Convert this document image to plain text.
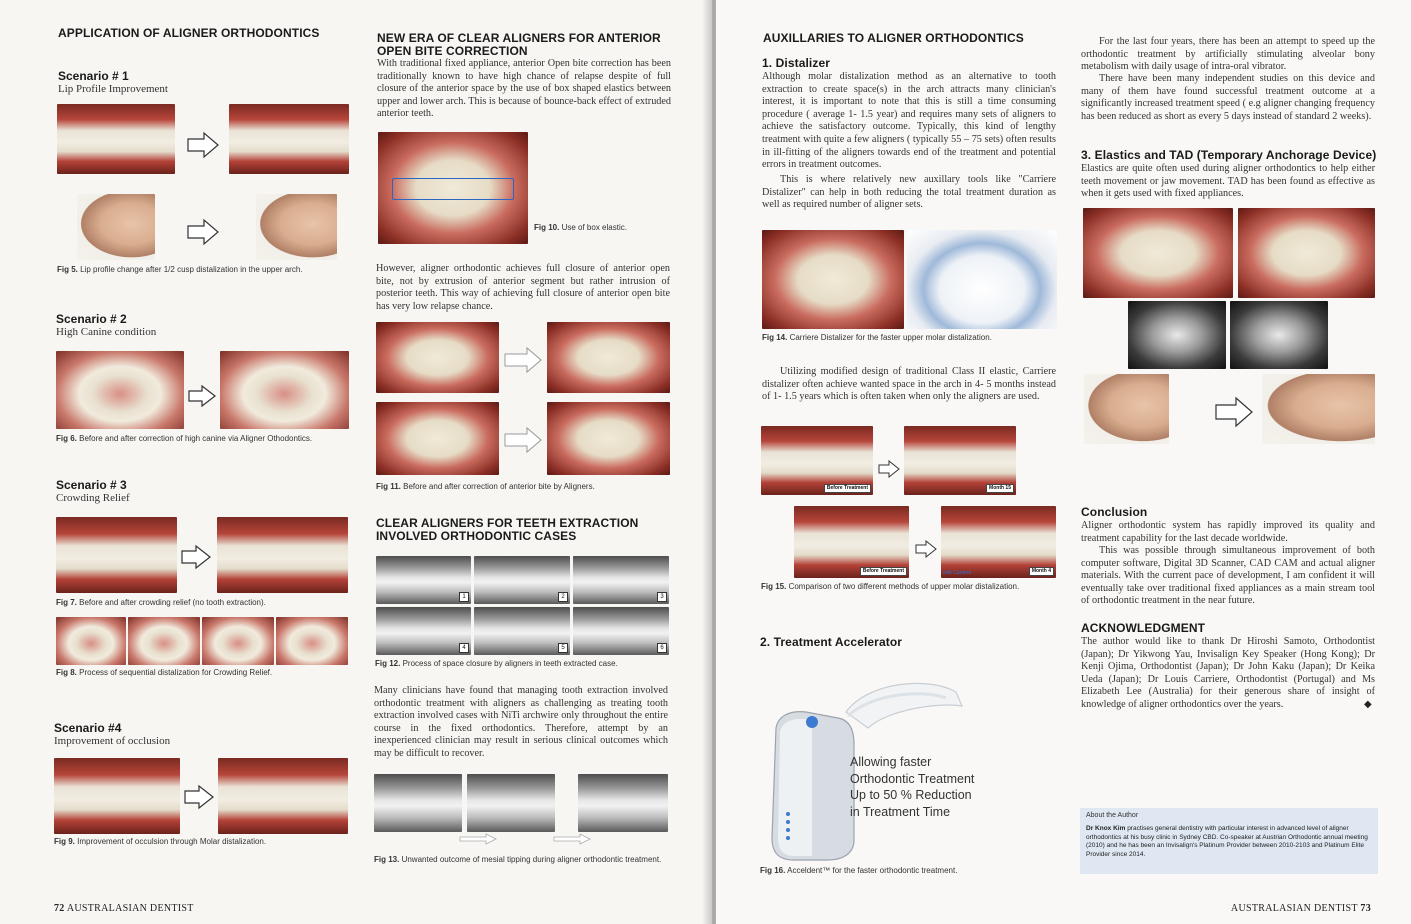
APPLICATION OF ALIGNER ORTHODONTICS
Scenario # 1
Lip Profile Improvement
Fig 5. Lip profile change after 1/2 cusp distalization in the upper arch.
Scenario # 2
High Canine condition
Fig 6. Before and after correction of high canine via Aligner Othodontics.
Scenario # 3
Crowding Relief
Fig 7. Before and after crowding relief (no tooth extraction).
Fig 8. Process of sequential distalization for Crowding Relief.
Scenario #4
Improvement of occlusion
Fig 9. Improvement of occulsion through Molar distalization.
NEW ERA OF CLEAR ALIGNERS FOR ANTERIOR OPEN BITE CORRECTION
With traditional fixed appliance, anterior Open bite correction has been traditionally known to have high chance of relapse despite of full closure of the anterior space by the use of box shaped elastics between upper and lower arch. This is because of bounce-back effect of extruded anterior teeth.
Fig 10. Use of box elastic.
However, aligner orthodontic achieves full closure of anterior open bite, not by extrusion of anterior segment but rather intrusion of posterior teeth. This way of achieving full closure of anterior open bite has very low relapse chance.
Fig 11. Before and after correction of anterior bite by Aligners.
CLEAR ALIGNERS FOR TEETH EXTRACTION INVOLVED ORTHODONTIC CASES
1	2	3
4	5	6
Fig 12. Process of space closure by aligners in teeth extracted case.
Many clinicians have found that managing tooth extraction involved orthodontic treatment with aligners as challenging as treating tooth extraction involved cases with NiTi archwire only throughout the entire course in the fixed orthodontics. Therefore, attempt by an inexperienced clinician may result in serious clinical outcomes which may be difficult to recover.
Fig 13. Unwanted outcome of mesial tipping during aligner orthodontic treatment.
72 AUSTRALASIAN DENTIST
AUXILLARIES TO ALIGNER ORTHODONTICS
1. Distalizer
Although molar distalization method as an alternative to tooth extraction to create space(s) in the arch attracts many clinician's interest, it is important to note that this is still a time consuming procedure ( average 1- 1.5 year) and requires many sets of aligners to achieve the satisfactory outcome. Typically, this kind of lengthy treatment with quite a few aligners ( typically 55 – 75 sets) often results in ill-fitting of the aligners towards end of the treatment and potential errors in treatment outcomes.
This is where relatively new auxillary tools like "Carriere Distalizer" can help in both reducing the total treatment duration as well as required number of aligner sets.
Fig 14. Carriere Distalizer for the faster upper molar distalization.
Utilizing modified design of traditional Class II elastic, Carriere distalizer often achieve wanted space in the arch in 4- 5 months instead of 1- 1.5 years which is often taken when only the aligners are used.
Before Treatment	Month 15
Before Treatment	with Carriere	Month 4
Fig 15. Comparison of two different methods of upper molar distalization.
2. Treatment Accelerator
Allowing faster
Orthodontic Treatment
Up to 50 % Reduction
in Treatment Time
Fig 16. Acceldent™ for the faster orthodontic treatment.
For the last four years, there has been an attempt to speed up the orthodontic treatment by artificially stimulating alveolar bony metabolism with daily usage of intra-oral vibrator.
There have been many independent studies on this device and many of them have found successful treatment outcome at a significantly increased treatment speed ( e.g aligner changing frequency has been reduced as short as every 5 days instead of standard 2 weeks).
3. Elastics and TAD (Temporary Anchorage Device)
Elastics are quite often used during aligner orthodontics to help either teeth movement or jaw movement. TAD has been found as effective as when it gets used with fixed appliances.
Conclusion
Aligner orthodontic system has rapidly improved its quality and treatment capability for the last decade worldwide.
This was possible through simultaneous improvement of both computer software, Digital 3D Scanner, CAD CAM and actual aligner materials. With the current pace of development, I am confident it will eventually take over traditional fixed appliances as a main stream tool of orthodontic treatment in the near future.
ACKNOWLEDGMENT
The author would like to thank Dr Hiroshi Samoto, Orthodontist (Japan); Dr Yikwong Yau, Invisalign Key Speaker (Hong Kong); Dr Kenji Ojima, Orthodontist (Japan); Dr John Kaku (Japan); Dr Keika Ueda (Japan); Dr Louis Carriere, Orthodontist (Portugal) and Ms Elizabeth Lee (Australia) for their generous share of insight of knowledge of aligner orthodontics over the years.	◆
About the Author
Dr Knox Kim practises general dentistry with particular interest in advanced level of aligner orthodontics at his busy clinic in Sydney CBD. Co-speaker at Austrian Orthodontic annual meeting (2010) and he has been an Invisalign's Platinum Provider between 2010-2103 and Platinum Elite Provider since 2014.
AUSTRALASIAN DENTIST 73
